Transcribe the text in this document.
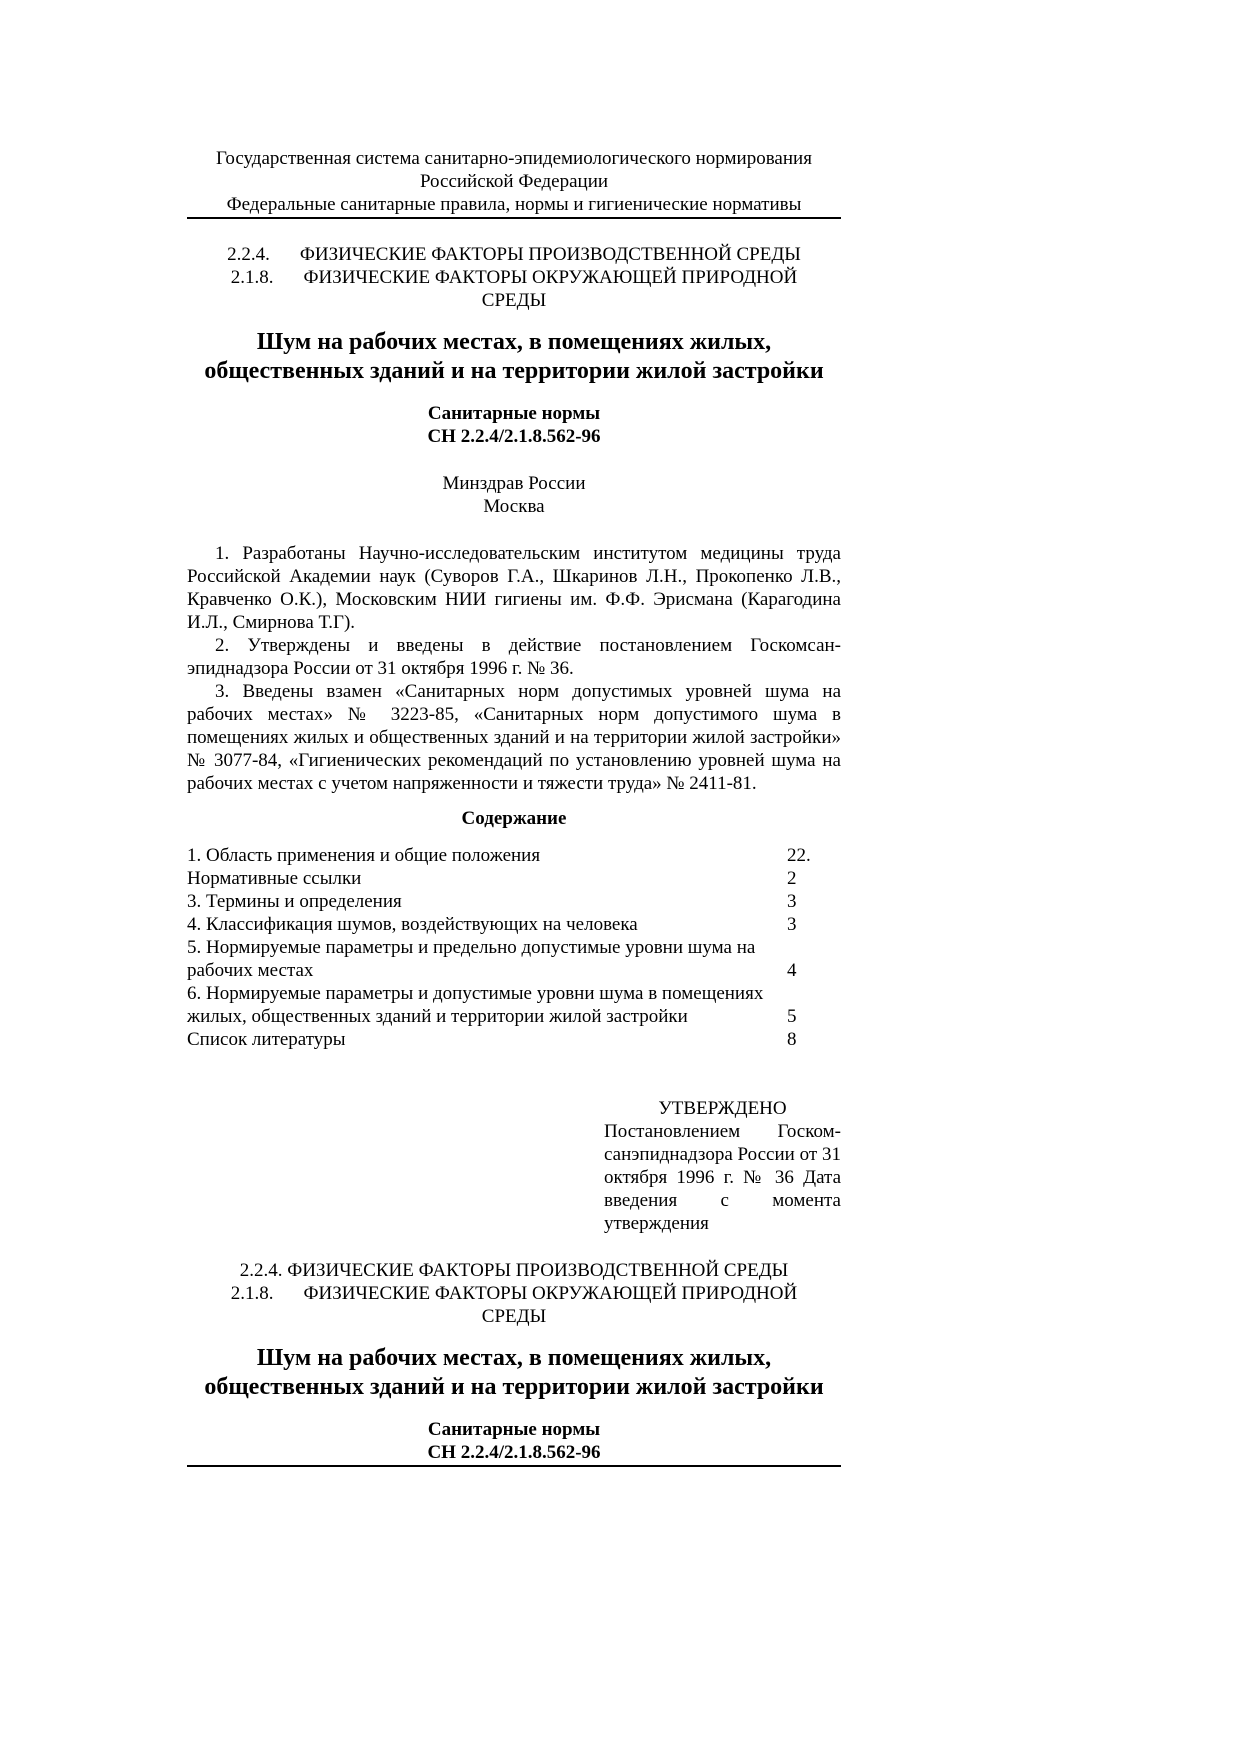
Государственная система санитарно-эпидемиологического нормирования
Российской Федерации
Федеральные санитарные правила, нормы и гигиенические нормативы
2.2.4. ФИЗИЧЕСКИЕ ФАКТОРЫ ПРОИЗВОДСТВЕННОЙ СРЕДЫ
2.1.8. ФИЗИЧЕСКИЕ ФАКТОРЫ ОКРУЖАЮЩЕЙ ПРИРОДНОЙ
СРЕДЫ
Шум на рабочих местах, в помещениях жилых,
общественных зданий и на территории жилой застройки
Санитарные нормы
СН 2.2.4/2.1.8.562-96
Минздрав России
Москва

1. Разработаны Научно-исследовательским институтом медицины труда Российской Академии наук (Суворов Г.А., Шкаринов Л.Н., Прокопенко Л.В., Кравченко О.К.), Московским НИИ гигиены им. Ф.Ф. Эрисмана (Карагодина И.Л., Смирнова Т.Г).

2. Утверждены и введены в действие постановлением Госкомсан-эпиднадзора России от 31 октября 1996 г. № 36.

3. Введены взамен «Санитарных норм допустимых уровней шума на рабочих местах» № 3223-85, «Санитарных норм допустимого шума в помещениях жилых и общественных зданий и на территории жилой застройки» № 3077-84, «Гигиенических рекомендаций по установлению уровней шума на рабочих местах с учетом напряженности и тяжести труда» № 2411-81.

Содержание
1. Область применения и общие положения	22.
Нормативные ссылки	2
3. Термины и определения	3
4. Классификация шумов, воздействующих на человека	3
5. Нормируемые параметры и предельно допустимые уровни шума на рабочих местах	4
6. Нормируемые параметры и допустимые уровни шума в помещениях жилых, общественных зданий и территории жилой застройки	5
Список литературы	8
УТВЕРЖДЕНО

Постановлением Госком-санэпиднадзора России от 31 октября 1996 г. № 36 Дата введения с момента утверждения

2.2.4. ФИЗИЧЕСКИЕ ФАКТОРЫ ПРОИЗВОДСТВЕННОЙ СРЕДЫ
2.1.8. ФИЗИЧЕСКИЕ ФАКТОРЫ ОКРУЖАЮЩЕЙ ПРИРОДНОЙ
СРЕДЫ
Шум на рабочих местах, в помещениях жилых,
общественных зданий и на территории жилой застройки
Санитарные нормы
СН 2.2.4/2.1.8.562-96
